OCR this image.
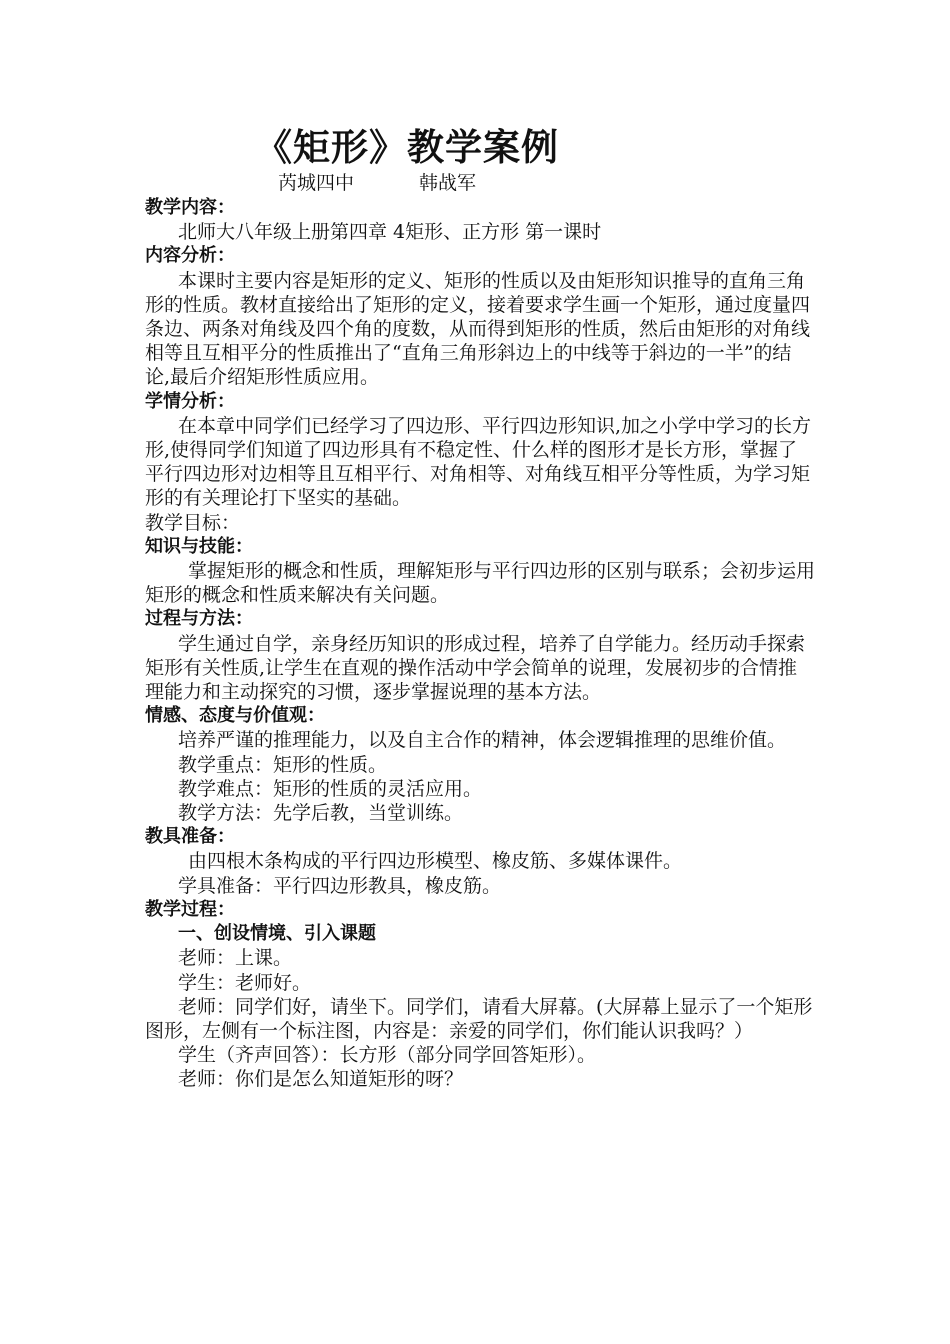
《矩形》教学案例

芮城四中	韩战军

教学内容：

北师大八年级上册第四章 4矩形、正方形 第一课时

内容分析：

本课时主要内容是矩形的定义、矩形的性质以及由矩形知识推导的直角三角形的性质。教材直接给出了矩形的定义，接着要求学生画一个矩形，通过度量四条边、两条对角线及四个角的度数，从而得到矩形的性质，然后由矩形的对角线相等且互相平分的性质推出了“直角三角形斜边上的中线等于斜边的一半”的结论,最后介绍矩形性质应用。

学情分析：

在本章中同学们已经学习了四边形、平行四边形知识,加之小学中学习的长方形,使得同学们知道了四边形具有不稳定性、什么样的图形才是长方形，掌握了平行四边形对边相等且互相平行、对角相等、对角线互相平分等性质，为学习矩形的有关理论打下坚实的基础。

教学目标：

知识与技能：

掌握矩形的概念和性质，理解矩形与平行四边形的区别与联系；会初步运用矩形的概念和性质来解决有关问题。

过程与方法：

学生通过自学，亲身经历知识的形成过程，培养了自学能力。经历动手探索矩形有关性质,让学生在直观的操作活动中学会简单的说理，发展初步的合情推理能力和主动探究的习惯，逐步掌握说理的基本方法。

情感、态度与价值观：

培养严谨的推理能力，以及自主合作的精神，体会逻辑推理的思维价值。

教学重点：矩形的性质。

教学难点：矩形的性质的灵活应用。

教学方法：先学后教，当堂训练。

教具准备：

由四根木条构成的平行四边形模型、橡皮筋、多媒体课件。

学具准备：平行四边形教具，橡皮筋。

教学过程：

一、创设情境、引入课题

老师：上课。

学生：老师好。

老师：同学们好，请坐下。同学们，请看大屏幕。(大屏幕上显示了一个矩形图形，左侧有一个标注图，内容是：亲爱的同学们，你们能认识我吗？）

学生（齐声回答）：长方形（部分同学回答矩形）。

老师：你们是怎么知道矩形的呀？
